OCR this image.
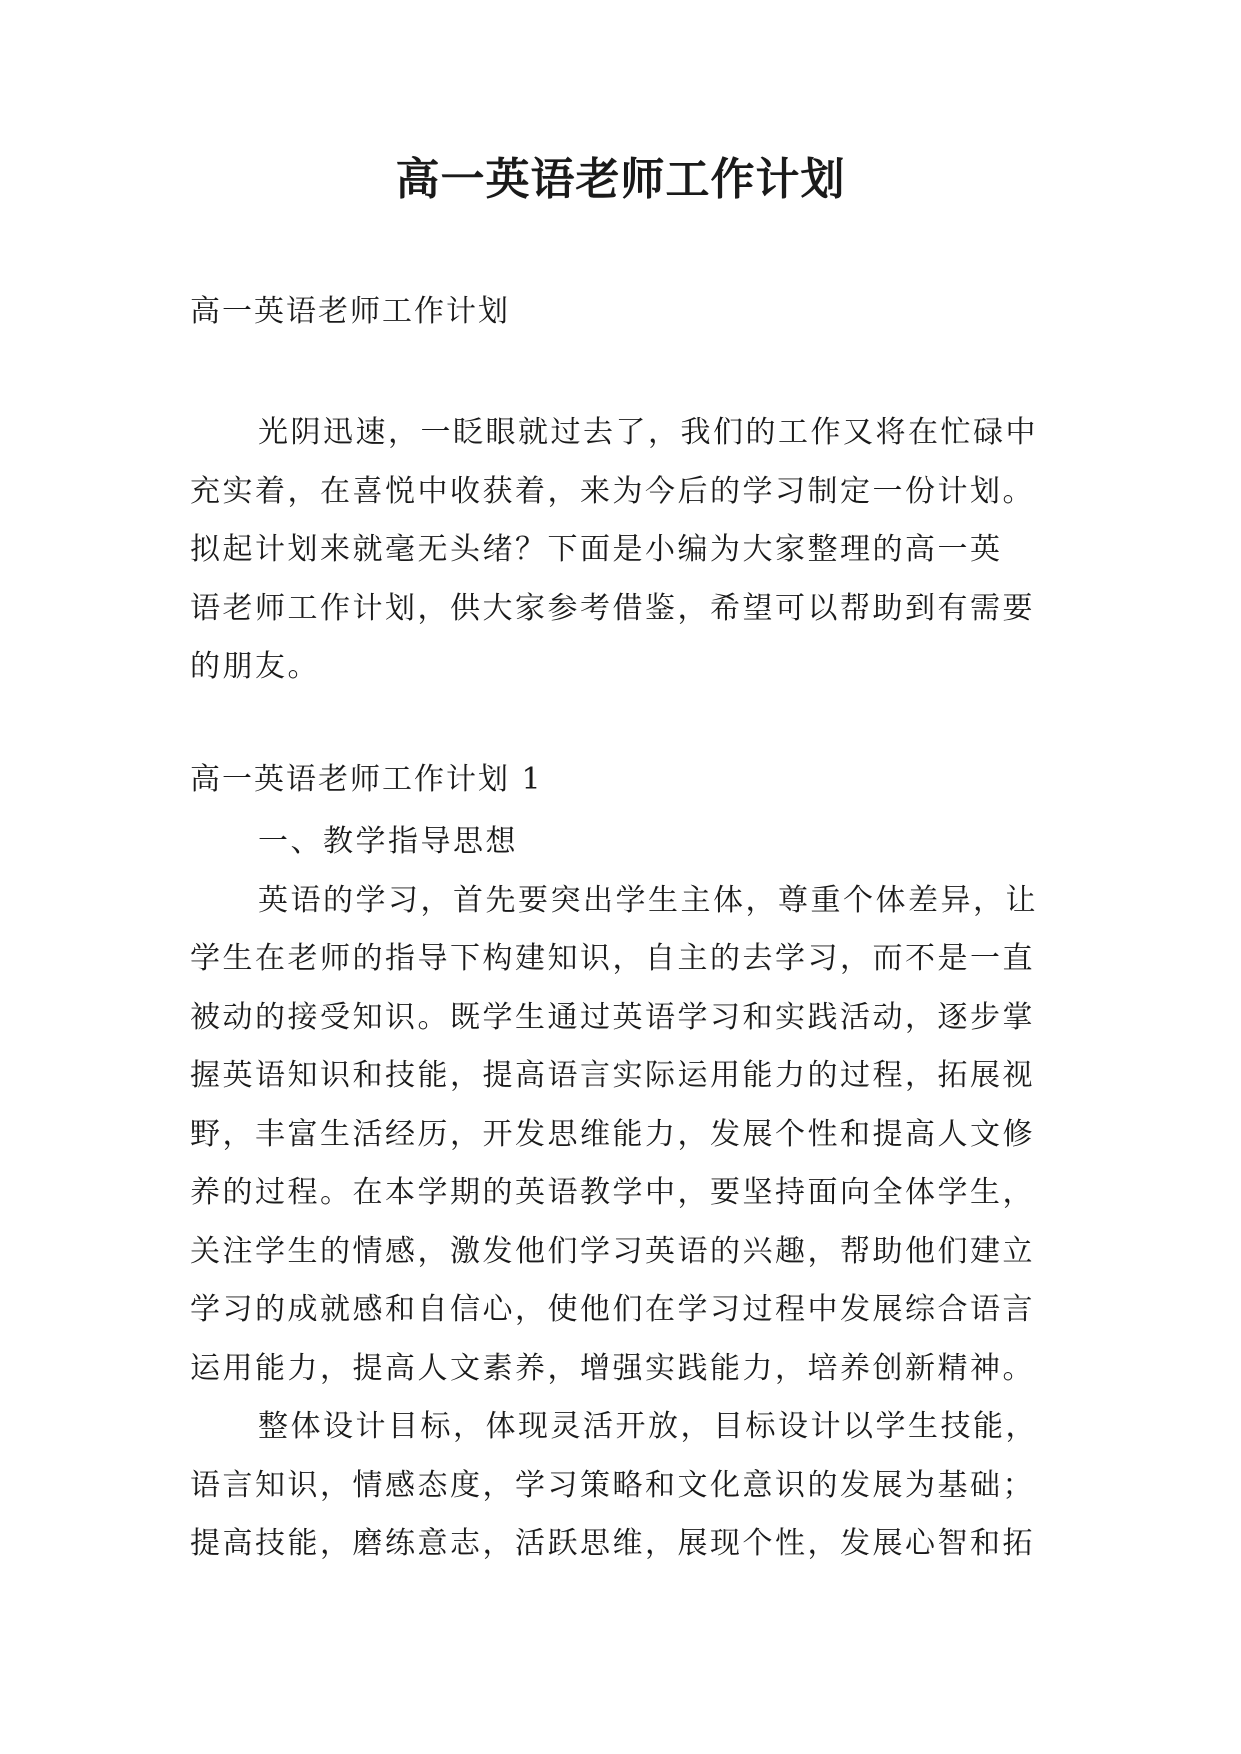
高一英语老师工作计划

高一英语老师工作计划

光阴迅速，一眨眼就过去了，我们的工作又将在忙碌中
充实着，在喜悦中收获着，来为今后的学习制定一份计划。
拟起计划来就毫无头绪？下面是小编为大家整理的高一英
语老师工作计划，供大家参考借鉴，希望可以帮助到有需要
的朋友。

高一英语老师工作计划 1

一、教学指导思想
英语的学习，首先要突出学生主体，尊重个体差异，让
学生在老师的指导下构建知识，自主的去学习，而不是一直
被动的接受知识。既学生通过英语学习和实践活动，逐步掌
握英语知识和技能，提高语言实际运用能力的过程，拓展视
野，丰富生活经历，开发思维能力，发展个性和提高人文修
养的过程。在本学期的英语教学中，要坚持面向全体学生，
关注学生的情感，激发他们学习英语的兴趣，帮助他们建立
学习的成就感和自信心，使他们在学习过程中发展综合语言
运用能力，提高人文素养，增强实践能力，培养创新精神。
整体设计目标，体现灵活开放，目标设计以学生技能，
语言知识，情感态度，学习策略和文化意识的发展为基础；
提高技能，磨练意志，活跃思维，展现个性，发展心智和拓
